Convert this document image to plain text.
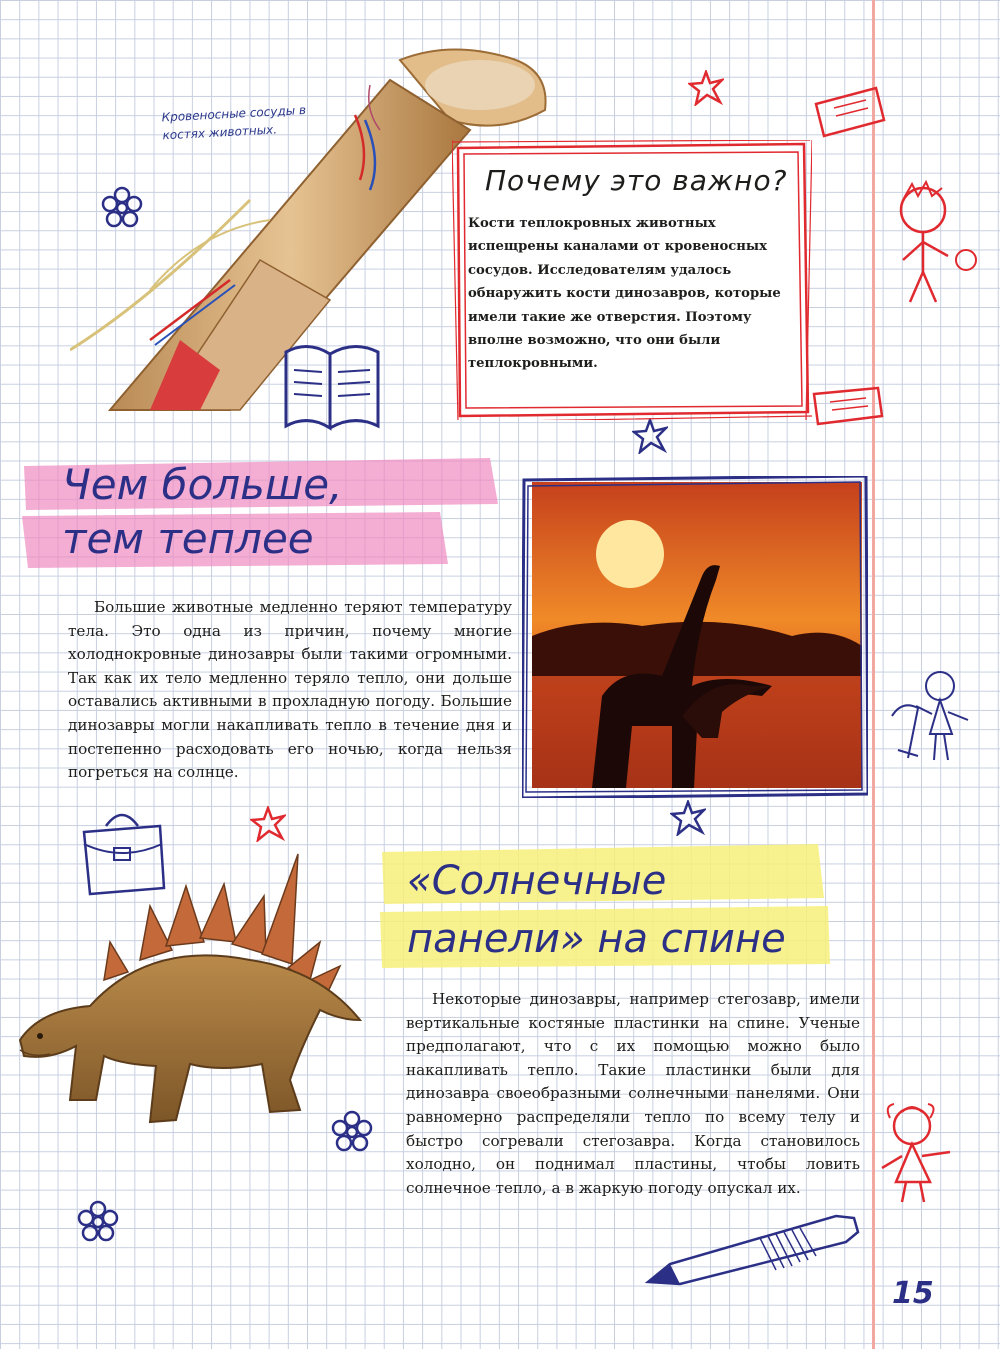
Кровеносные сосуды в костях животных.
Почему это важно?
Кости теплокровных животных испещрены каналами от кровеносных сосудов. Исследователям удалось обнаружить кости динозавров, которые имели такие же отверстия. Поэтому вполне возможно, что они были теплокровными.
Чем больше,
тем теплее
Большие животные медленно теряют температуру тела. Это одна из причин, почему многие холоднокровные динозавры были такими огромными. Так как их тело медленно теряло тепло, они дольше оставались активными в прохладную погоду. Большие динозавры могли накапливать тепло в течение дня и постепенно расходовать его ночью, когда нельзя погреться на солнце.
«Солнечные
панели» на спине
Некоторые динозавры, например стегозавр, имели вертикальные костяные пластинки на спине. Ученые предполагают, что с их помощью можно было накапливать тепло. Такие пластинки были для динозавра своеобразными солнечными панелями. Они равномерно распределяли тепло по всему телу и быстро согревали стегозавра. Когда становилось холодно, он поднимал пластины, чтобы ловить солнечное тепло, а в жаркую погоду опускал их.
15
